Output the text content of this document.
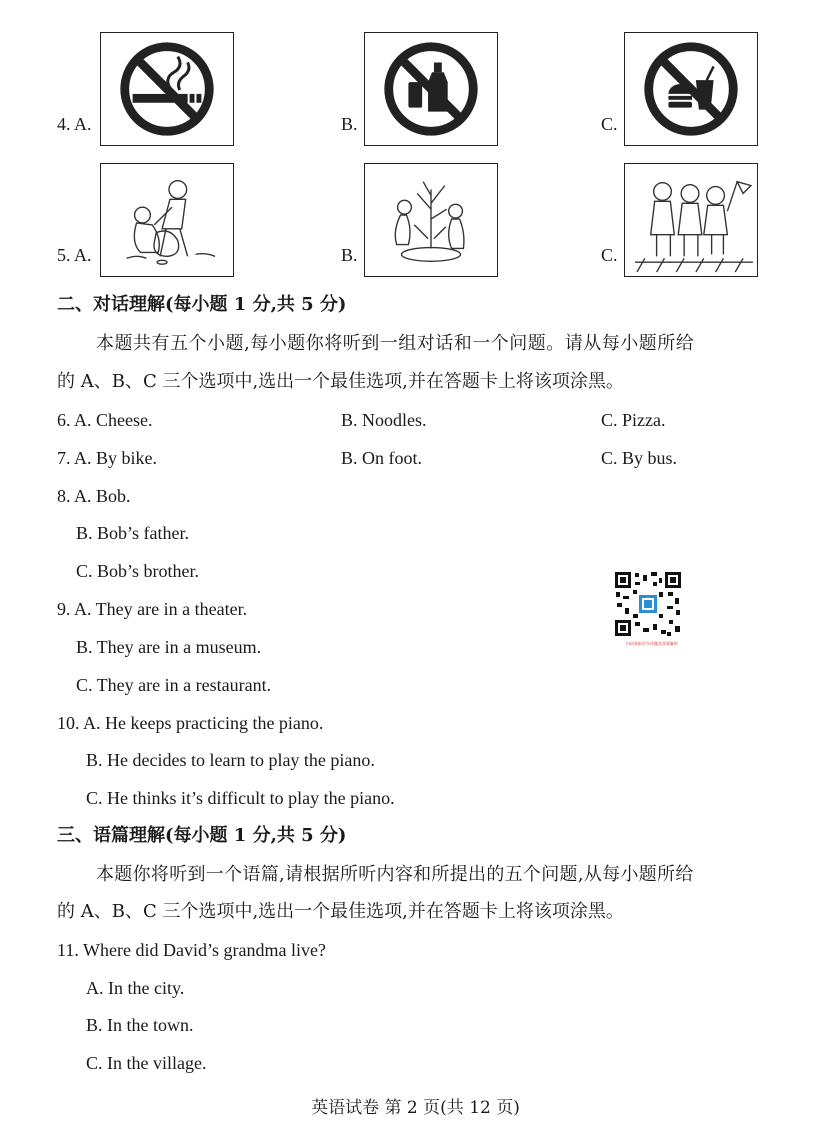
4. A.	B.	C.
5. A.	B.	C.
二、对话理解(每小题 1 分,共 5 分)
本题共有五个小题,每小题你将听到一组对话和一个问题。请从每小题所给
的 A、B、C 三个选项中,选出一个最佳选项,并在答题卡上将该项涂黑。
6. A. Cheese.	B. Noodles.	C. Pizza.
7. A. By bike.	B. On foot.	C. By bus.
8. A. Bob.
B. Bob’s father.
C. Bob’s brother.
9. A. They are in a theater.
B. They are in a museum.
C. They are in a restaurant.
10. A. He keeps practicing the piano.
B. He decides to learn to play the piano.
C. He thinks it’s difficult to play the piano.
扫码获取更多试题及答案解析
三、语篇理解(每小题 1 分,共 5 分)
本题你将听到一个语篇,请根据所听内容和所提出的五个问题,从每小题所给
的 A、B、C 三个选项中,选出一个最佳选项,并在答题卡上将该项涂黑。
11. Where did David’s grandma live?
A. In the city.
B. In the town.
C. In the village.
英语试卷 第 2 页(共 12 页)
